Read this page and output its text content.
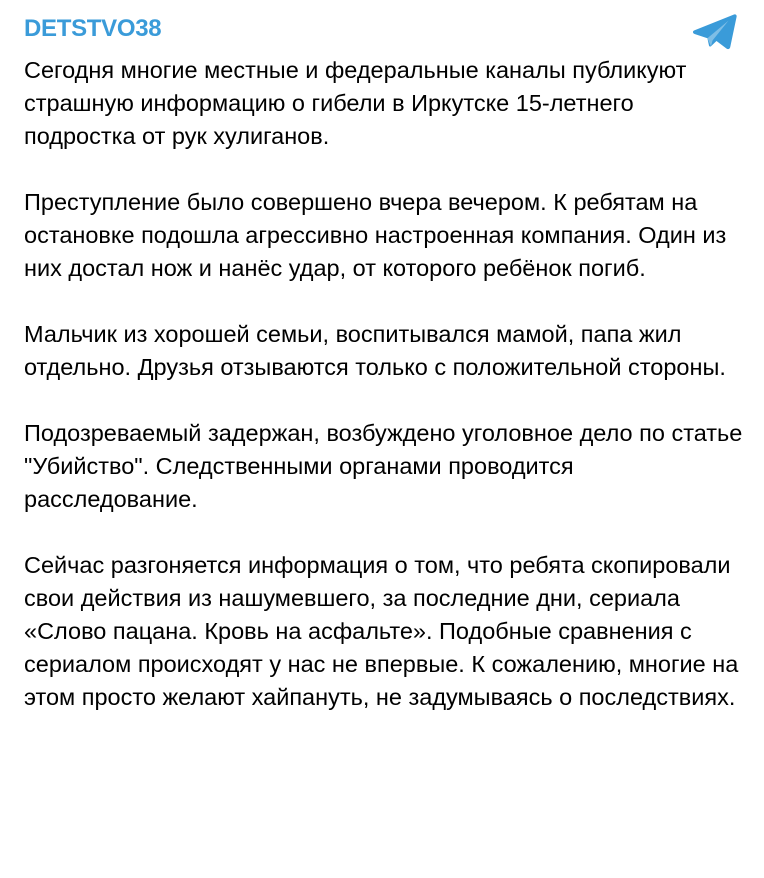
DETSTVO38

Сегодня многие местные и федеральные каналы публикуют страшную информацию о гибели в Иркутске 15-летнего подростка от рук хулиганов.

Преступление было совершено вчера вечером. К ребятам на остановке подошла агрессивно настроенная компания. Один из них достал нож и нанёс удар, от которого ребёнок погиб.

Мальчик из хорошей семьи, воспитывался мамой, папа жил отдельно. Друзья отзываются только с положительной стороны.

Подозреваемый задержан, возбуждено уголовное дело по статье "Убийство". Следственными органами проводится расследование.

Сейчас разгоняется информация о том, что ребята скопировали свои действия из нашумевшего, за последние дни, сериала «Слово пацана. Кровь на асфальте». Подобные сравнения с сериалом происходят у нас не впервые. К сожалению, многие на этом просто желают хайпануть, не задумываясь о последствиях.
